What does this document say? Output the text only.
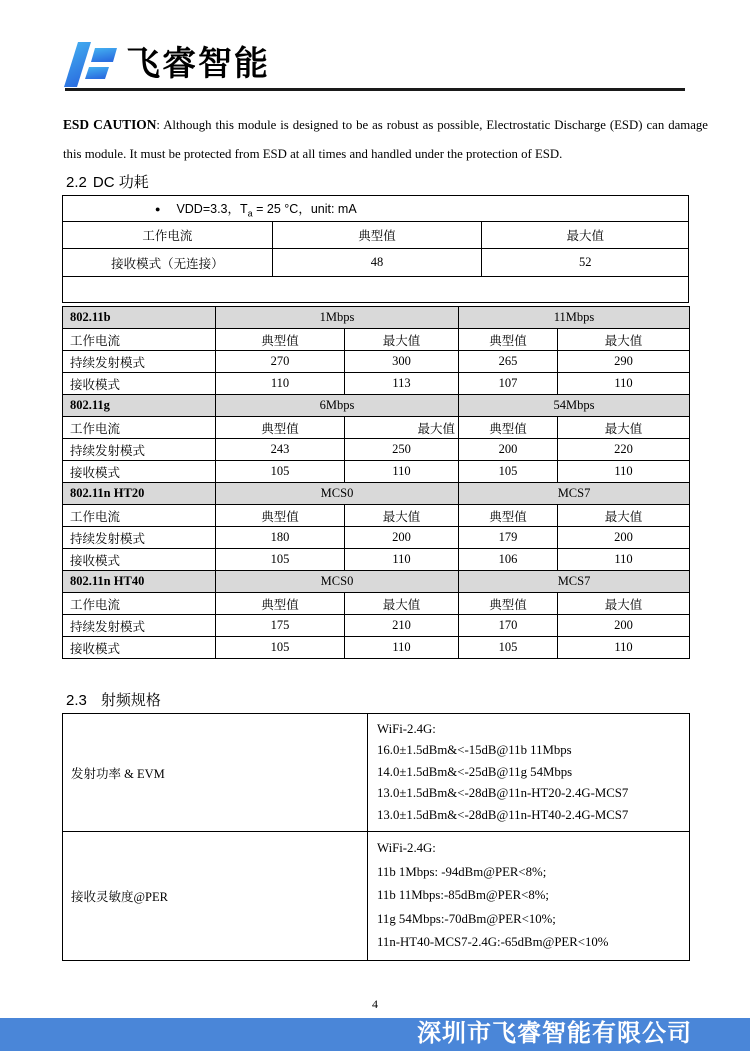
飞睿智能

ESD CAUTION: Although this module is designed to be as robust as possible, Electrostatic Discharge (ESD) can damage this module. It must be protected from ESD at all times and handled under the protection of ESD.

2.2 DC 功耗
● VDD=3.3，$T_a = 25$ °C，unit: mA		
工作电流	典型值	最大值
接收模式（无连接）	48	52

802.11b	1Mbps		11Mbps	
工作电流	典型值	最大值	典型值	最大值
持续发射模式	270	300	265	290
接收模式	110	113	107	110
802.11g	6Mbps		54Mbps	
工作电流	典型值	最大值	典型值	最大值
持续发射模式	243	250	200	220
接收模式	105	110	105	110
802.11n HT20	MCS0		MCS7	
工作电流	典型值	最大值	典型值	最大值
持续发射模式	180	200	179	200
接收模式	105	110	106	110
802.11n HT40	MCS0		MCS7	
工作电流	典型值	最大值	典型值	最大值
持续发射模式	175	210	170	200
接收模式	105	110	105	110
2.3 射频规格
发射功率 & EVM	WiFi-2.4G:
16.0±1.5dBm&<-15dB@11b 11Mbps
14.0±1.5dBm&<-25dB@11g 54Mbps
13.0±1.5dBm&<-28dB@11n-HT20-2.4G-MCS7
13.0±1.5dBm&<-28dB@11n-HT40-2.4G-MCS7

接收灵敏度@PER	WiFi-2.4G:
11b 1Mbps: -94dBm@PER<8%;
11b 11Mbps:-85dBm@PER<8%;
11g 54Mbps:-70dBm@PER<10%;
11n-HT40-MCS7-2.4G:-65dBm@PER<10%
4
深圳市飞睿智能有限公司
